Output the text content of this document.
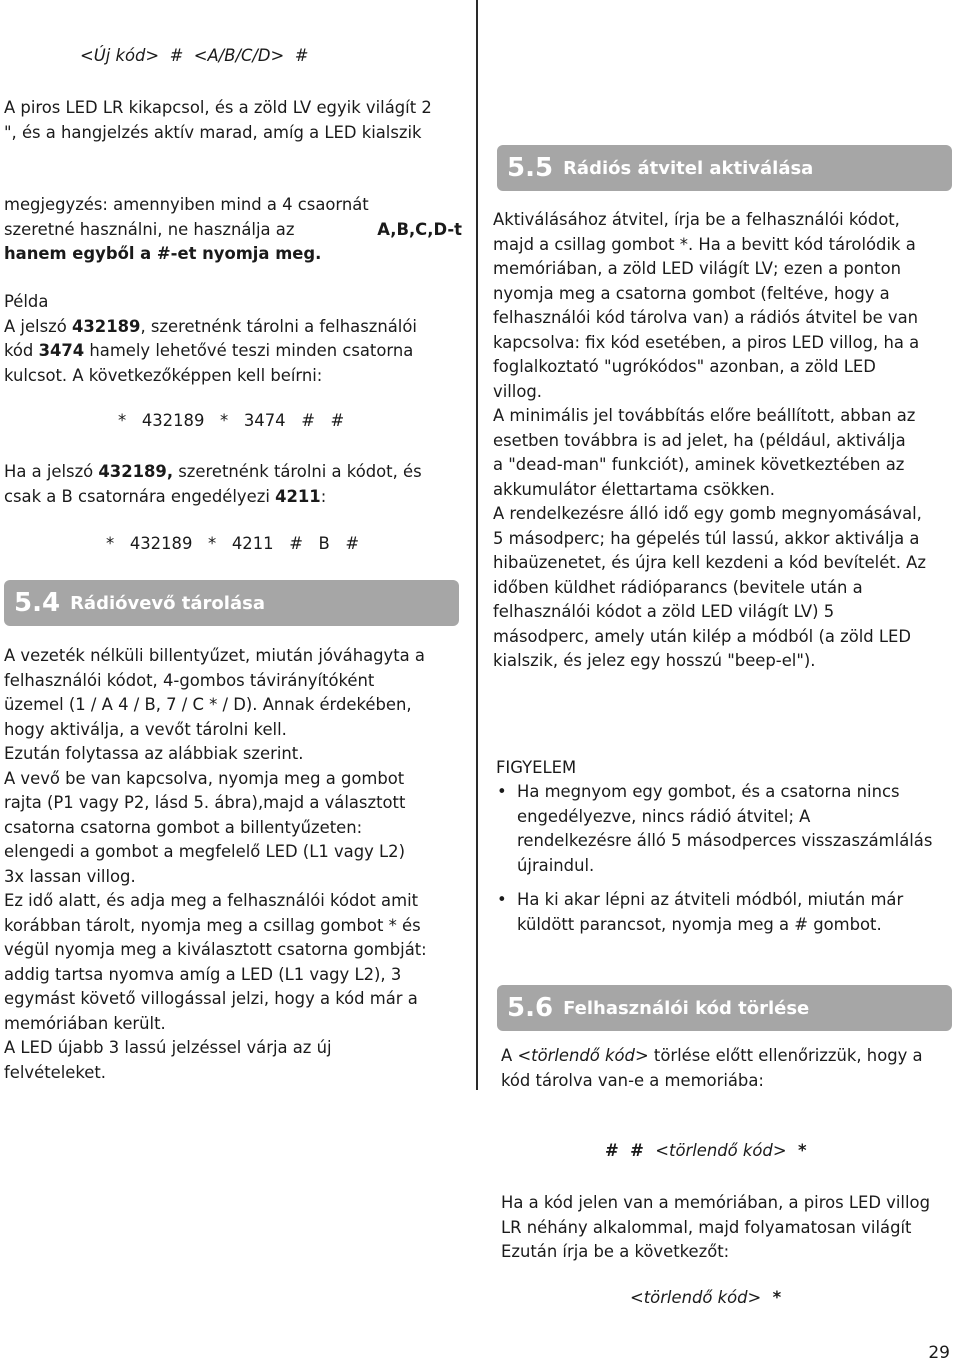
<Új kód>  #  <A/B/C/D>  #

A piros LED LR kikapcsol, és a zöld LV egyik világít 2
", és a hangjelzés aktív marad, amíg a LED kialszik

megjegyzés: amennyiben mind a 4 csaornát
szeretné használni, ne használja az	A,B,C,D-t
hanem egyből a #-et nyomja meg.

Példa
A jelszó 432189, szeretnénk tárolni a felhasználói
kód 3474 hamely lehetővé teszi minden csatorna
kulcsot. A következőképpen kell beírni:

*   432189   *   3474   #   #

Ha a jelszó 432189, szeretnénk tárolni a kódot, és
csak a B csatornára engedélyezi 4211:

*   432189   *   4211   #   B   #
5.4 Rádióvevő tárolása

A vezeték nélküli billentyűzet, miután jóváhagyta a
felhasználói kódot, 4-gombos távirányítóként
üzemel (1 / A 4 / B, 7 / C * / D). Annak érdekében,
hogy aktiválja, a vevőt tárolni kell.
Ezután folytassa az alábbiak szerint.
A vevő be van kapcsolva, nyomja meg a gombot
rajta (P1 vagy P2, lásd 5. ábra),majd a választott
csatorna csatorna gombot a billentyűzeten:
elengedi a gombot a megfelelő LED (L1 vagy L2)
3x lassan villog.
Ez idő alatt, és adja meg a felhasználói kódot amit
korábban tárolt, nyomja meg a csillag gombot * és
végül nyomja meg a kiválasztott csatorna gombját:
addig tartsa nyomva amíg a LED (L1 vagy L2), 3
egymást követő villogással jelzi, hogy a kód már a
memóriában került.
A LED újabb 3 lassú jelzéssel várja az új
felvételeket.

5.5 Rádiós átvitel aktiválása

Aktiválásához átvitel, írja be a felhasználói kódot,
majd a csillag gombot *. Ha a bevitt kód tárolódik a
memóriában, a zöld LED világít LV; ezen a ponton
nyomja meg a csatorna gombot (feltéve, hogy a
felhasználói kód tárolva van) a rádiós átvitel be van
kapcsolva: fix kód esetében, a piros LED villog, ha a
foglalkoztató "ugrókódos" azonban, a zöld LED
villog.
A minimális jel továbbítás előre beállított, abban az
esetben továbbra is ad jelet, ha (például, aktiválja
a "dead-man" funkciót), aminek következtében az
akkumulátor élettartama csökken.
A rendelkezésre álló idő egy gomb megnyomásával,
5 másodperc; ha gépelés túl lassú, akkor aktiválja a
hibaüzenetet, és újra kell kezdeni a kód bevítelét. Az
időben küldhet rádióparancs (bevitele után a
felhasználói kódot a zöld LED világít LV) 5
másodperc, amely után kilép a módból (a zöld LED
kialszik, és jelez egy hosszú "beep-el").

FIGYELEM
• Ha megnyom egy gombot, és a csatorna nincs
engedélyezve, nincs rádió átvitel; A
rendelkezésre álló 5 másodperces visszaszámlálás
újraindul.
• Ha ki akar lépni az átviteli módból, miután már
küldött parancsot, nyomja meg a # gombot.
5.6 Felhasználói kód törlése

A <törlendő kód> törlése előtt ellenőrizzük, hogy a
kód tárolva van-e a memoriába:

#  #  <törlendő kód>  *

Ha a kód jelen van a memóriában, a piros LED villog
LR néhány alkalommal, majd folyamatosan világít
Ezután írja be a következőt:

<törlendő kód>  *
29
